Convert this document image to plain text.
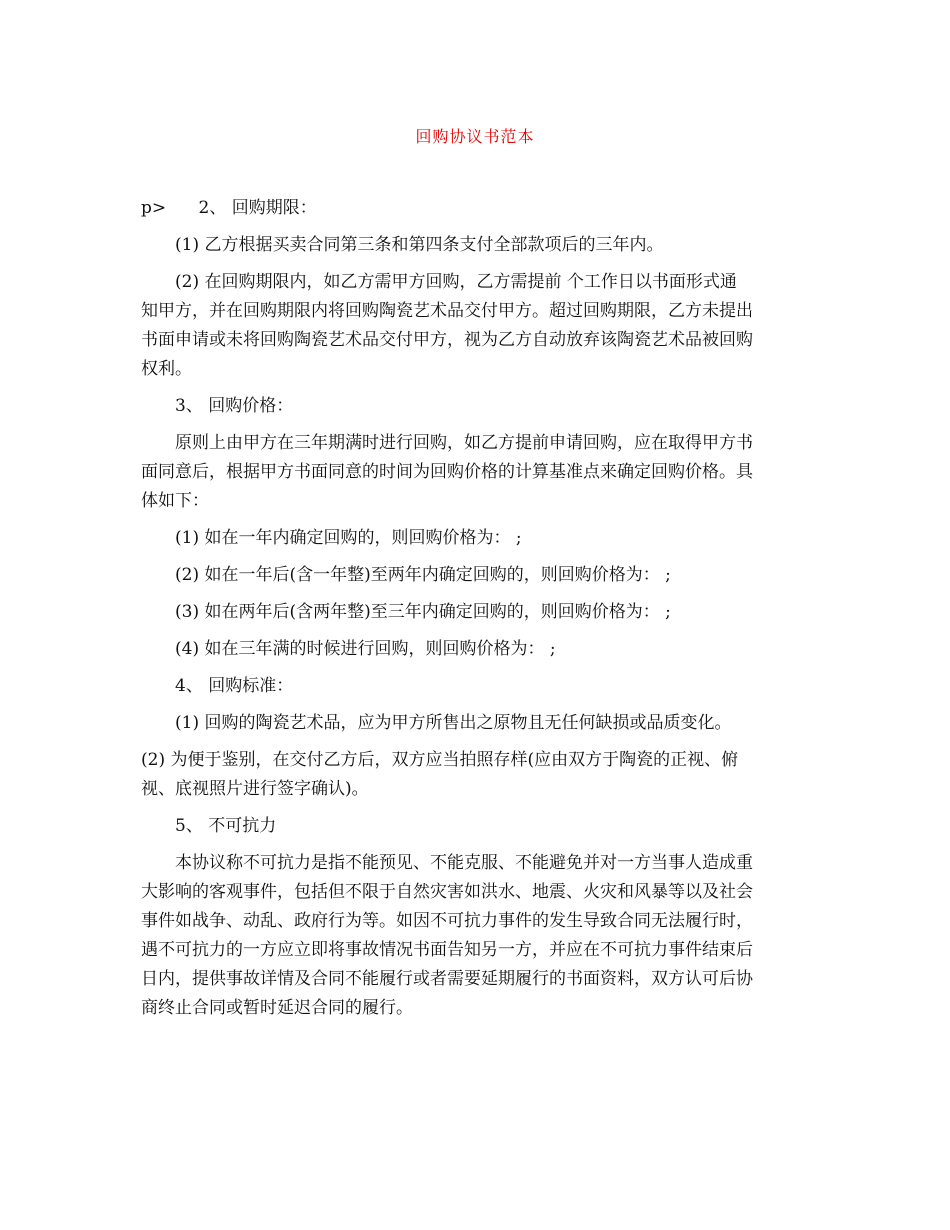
回购协议书范本
p>      2、 回购期限：
(1) 乙方根据买卖合同第三条和第四条支付全部款项后的三年内。
(2) 在回购期限内，如乙方需甲方回购，乙方需提前 个工作日以书面形式通
知甲方，并在回购期限内将回购陶瓷艺术品交付甲方。超过回购期限，乙方未提出
书面申请或未将回购陶瓷艺术品交付甲方，视为乙方自动放弃该陶瓷艺术品被回购
权利。
3、 回购价格：
原则上由甲方在三年期满时进行回购，如乙方提前申请回购，应在取得甲方书
面同意后，根据甲方书面同意的时间为回购价格的计算基准点来确定回购价格。具
体如下：
(1) 如在一年内确定回购的，则回购价格为： ;
(2) 如在一年后(含一年整)至两年内确定回购的，则回购价格为： ;
(3) 如在两年后(含两年整)至三年内确定回购的，则回购价格为： ;
(4) 如在三年满的时候进行回购，则回购价格为： ;
4、 回购标准：
(1) 回购的陶瓷艺术品，应为甲方所售出之原物且无任何缺损或品质变化。
(2) 为便于鉴别，在交付乙方后，双方应当拍照存样(应由双方于陶瓷的正视、俯
视、底视照片进行签字确认)。
5、 不可抗力
本协议称不可抗力是指不能预见、不能克服、不能避免并对一方当事人造成重
大影响的客观事件，包括但不限于自然灾害如洪水、地震、火灾和风暴等以及社会
事件如战争、动乱、政府行为等。如因不可抗力事件的发生导致合同无法履行时，
遇不可抗力的一方应立即将事故情况书面告知另一方，并应在不可抗力事件结束后
日内，提供事故详情及合同不能履行或者需要延期履行的书面资料，双方认可后协
商终止合同或暂时延迟合同的履行。
